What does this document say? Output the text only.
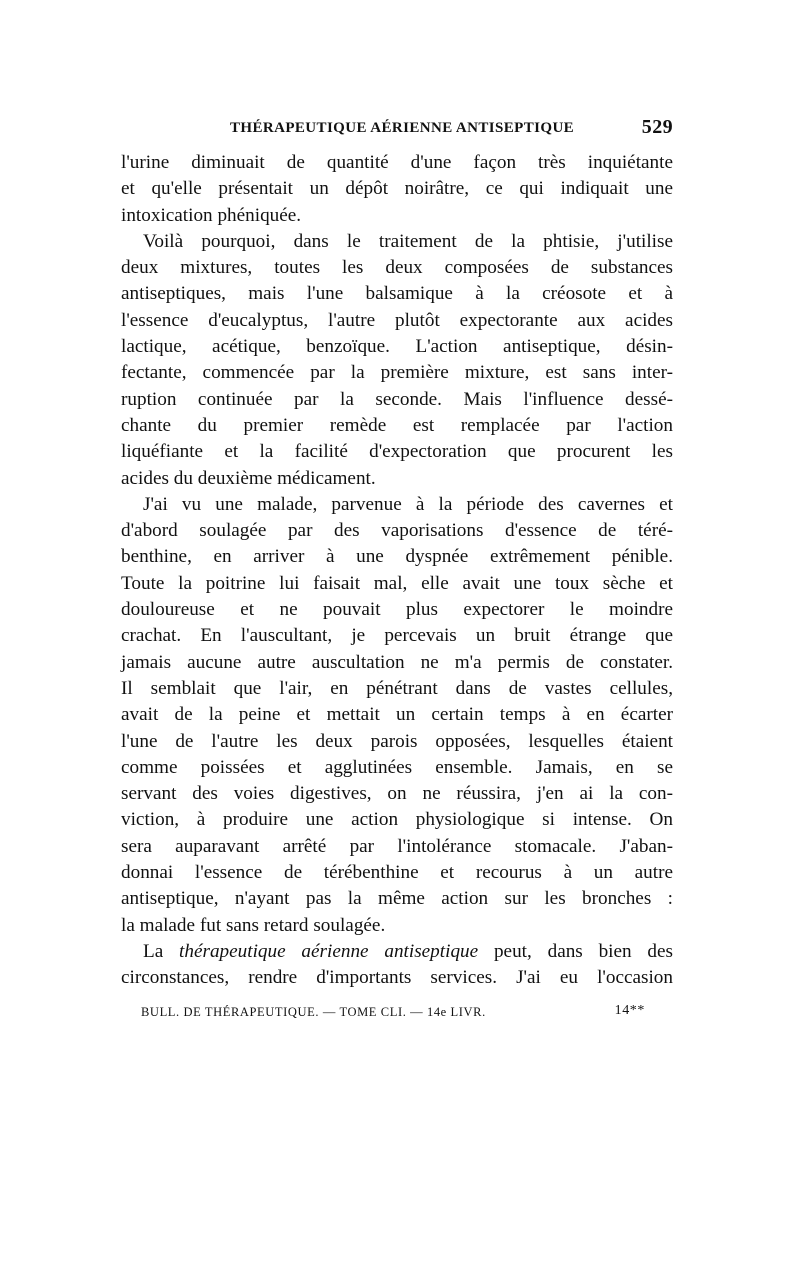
THÉRAPEUTIQUE AÉRIENNE ANTISEPTIQUE	529
l'urine diminuait de quantité d'une façon très inquiétante
et qu'elle présentait un dépôt noirâtre, ce qui indiquait une
intoxication phéniquée.
Voilà pourquoi, dans le traitement de la phtisie, j'utilise
deux mixtures, toutes les deux composées de substances
antiseptiques, mais l'une balsamique à la créosote et à
l'essence d'eucalyptus, l'autre plutôt expectorante aux acides
lactique, acétique, benzoïque. L'action antiseptique, désin-
fectante, commencée par la première mixture, est sans inter-
ruption continuée par la seconde. Mais l'influence dessé-
chante du premier remède est remplacée par l'action
liquéfiante et la facilité d'expectoration que procurent les
acides du deuxième médicament.
J'ai vu une malade, parvenue à la période des cavernes et
d'abord soulagée par des vaporisations d'essence de téré-
benthine, en arriver à une dyspnée extrêmement pénible.
Toute la poitrine lui faisait mal, elle avait une toux sèche et
douloureuse et ne pouvait plus expectorer le moindre
crachat. En l'auscultant, je percevais un bruit étrange que
jamais aucune autre auscultation ne m'a permis de constater.
Il semblait que l'air, en pénétrant dans de vastes cellules,
avait de la peine et mettait un certain temps à en écarter
l'une de l'autre les deux parois opposées, lesquelles étaient
comme poissées et agglutinées ensemble. Jamais, en se
servant des voies digestives, on ne réussira, j'en ai la con-
viction, à produire une action physiologique si intense. On
sera auparavant arrêté par l'intolérance stomacale. J'aban-
donnai l'essence de térébenthine et recourus à un autre
antiseptique, n'ayant pas la même action sur les bronches :
la malade fut sans retard soulagée.
La thérapeutique aérienne antiseptique peut, dans bien des
circonstances, rendre d'importants services. J'ai eu l'occasion
BULL. DE THÉRAPEUTIQUE. — TOME CLI. — 14e LIVR.	14**
